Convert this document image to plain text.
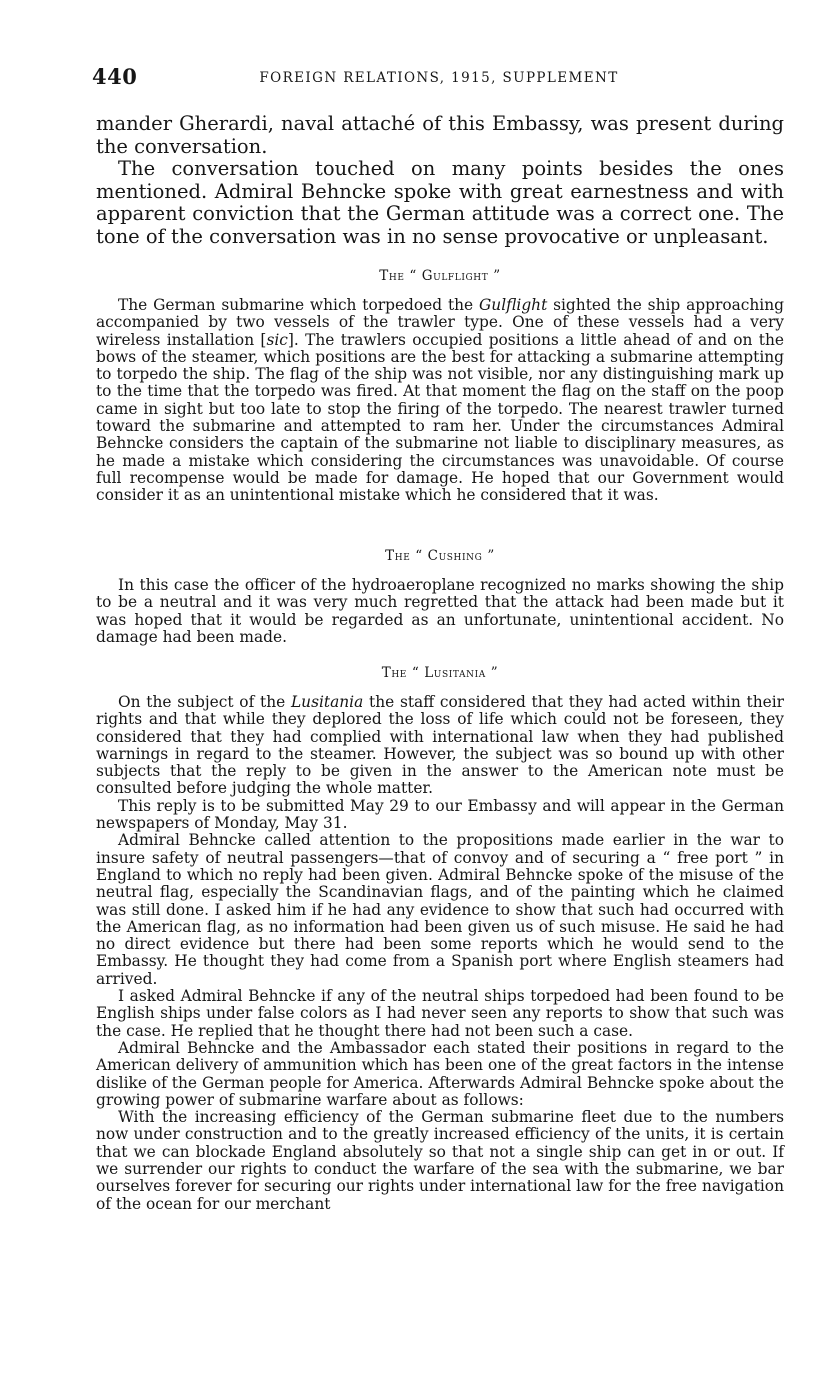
440	FOREIGN RELATIONS, 1915, SUPPLEMENT

mander Gherardi, naval attaché of this Embassy, was present during the conversation.

The conversation touched on many points besides the ones mentioned. Admiral Behncke spoke with great earnestness and with apparent conviction that the German attitude was a correct one. The tone of the conversation was in no sense provocative or unpleasant.

The “ Gulflight ”

The German submarine which torpedoed the Gulflight sighted the ship approaching accompanied by two vessels of the trawler type. One of these vessels had a very wireless installation [sic]. The trawlers occupied positions a little ahead of and on the bows of the steamer, which positions are the best for attacking a submarine attempting to torpedo the ship. The flag of the ship was not visible, nor any distinguishing mark up to the time that the torpedo was fired. At that moment the flag on the staff on the poop came in sight but too late to stop the firing of the torpedo. The nearest trawler turned toward the submarine and attempted to ram her. Under the circumstances Admiral Behncke considers the captain of the submarine not liable to disciplinary measures, as he made a mistake which considering the circumstances was unavoidable. Of course full recompense would be made for damage. He hoped that our Government would consider it as an unintentional mistake which he considered that it was.

The “ Cushing ”

In this case the officer of the hydroaeroplane recognized no marks showing the ship to be a neutral and it was very much regretted that the attack had been made but it was hoped that it would be regarded as an unfortunate, unintentional accident. No damage had been made.

The “ Lusitania ”

On the subject of the Lusitania the staff considered that they had acted within their rights and that while they deplored the loss of life which could not be foreseen, they considered that they had complied with international law when they had published warnings in regard to the steamer. However, the subject was so bound up with other subjects that the reply to be given in the answer to the American note must be consulted before judging the whole matter.

This reply is to be submitted May 29 to our Embassy and will appear in the German newspapers of Monday, May 31.

Admiral Behncke called attention to the propositions made earlier in the war to insure safety of neutral passengers—that of convoy and of securing a “ free port ” in England to which no reply had been given. Admiral Behncke spoke of the misuse of the neutral flag, especially the Scandinavian flags, and of the painting which he claimed was still done. I asked him if he had any evidence to show that such had occurred with the American flag, as no information had been given us of such misuse. He said he had no direct evidence but there had been some reports which he would send to the Embassy. He thought they had come from a Spanish port where English steamers had arrived.

I asked Admiral Behncke if any of the neutral ships torpedoed had been found to be English ships under false colors as I had never seen any reports to show that such was the case. He replied that he thought there had not been such a case.

Admiral Behncke and the Ambassador each stated their positions in regard to the American delivery of ammunition which has been one of the great factors in the intense dislike of the German people for America. Afterwards Admiral Behncke spoke about the growing power of submarine warfare about as follows:

With the increasing efficiency of the German submarine fleet due to the numbers now under construction and to the greatly increased efficiency of the units, it is certain that we can blockade England absolutely so that not a single ship can get in or out. If we surrender our rights to conduct the warfare of the sea with the submarine, we bar ourselves forever for securing our rights under international law for the free navigation of the ocean for our merchant
